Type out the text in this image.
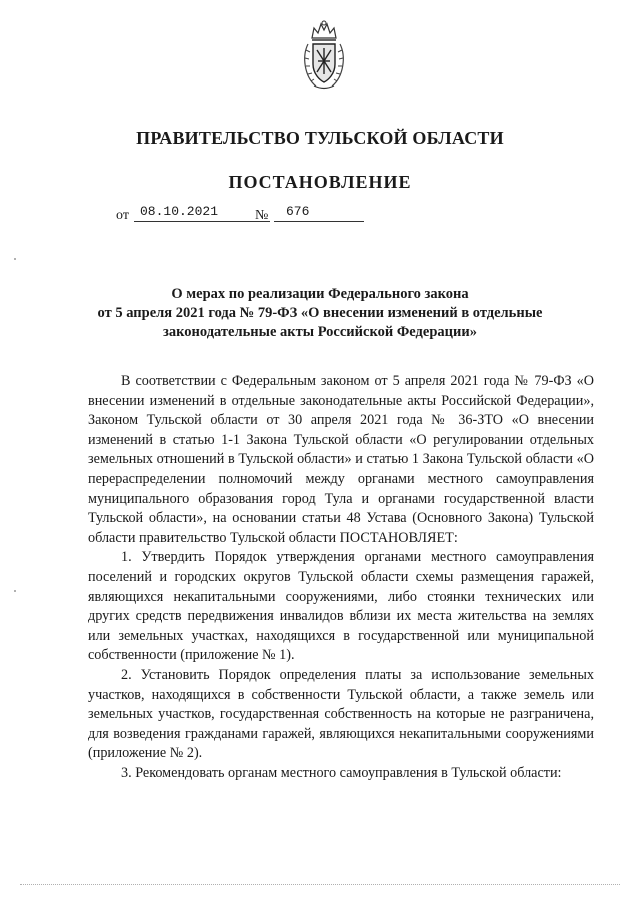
ПРАВИТЕЛЬСТВО ТУЛЬСКОЙ ОБЛАСТИ
ПОСТАНОВЛЕНИЕ
от 08.10.2021	№ 676
О мерах по реализации Федерального закона
от 5 апреля 2021 года № 79-ФЗ «О внесении изменений в отдельные
законодательные акты Российской Федерации»

В соответствии с Федеральным законом от 5 апреля 2021 года № 79-ФЗ «О внесении изменений в отдельные законодательные акты Российской Федерации», Законом Тульской области от 30 апреля 2021 года № 36-ЗТО «О внесении изменений в статью 1-1 Закона Тульской области «О регулировании отдельных земельных отношений в Тульской области» и статью 1 Закона Тульской области «О перераспределении полномочий между органами местного самоуправления муниципального образования город Тула и органами государственной власти Тульской области», на основании статьи 48 Устава (Основного Закона) Тульской области правительство Тульской области ПОСТАНОВЛЯЕТ:

1. Утвердить Порядок утверждения органами местного самоуправления поселений и городских округов Тульской области схемы размещения гаражей, являющихся некапитальными сооружениями, либо стоянки технических или других средств передвижения инвалидов вблизи их места жительства на землях или земельных участках, находящихся в государственной или муниципальной собственности (приложение № 1).

2. Установить Порядок определения платы за использование земельных участков, находящихся в собственности Тульской области, а также земель или земельных участков, государственная собственность на которые не разграничена, для возведения гражданами гаражей, являющихся некапитальными сооружениями (приложение № 2).

3. Рекомендовать органам местного самоуправления в Тульской области:
